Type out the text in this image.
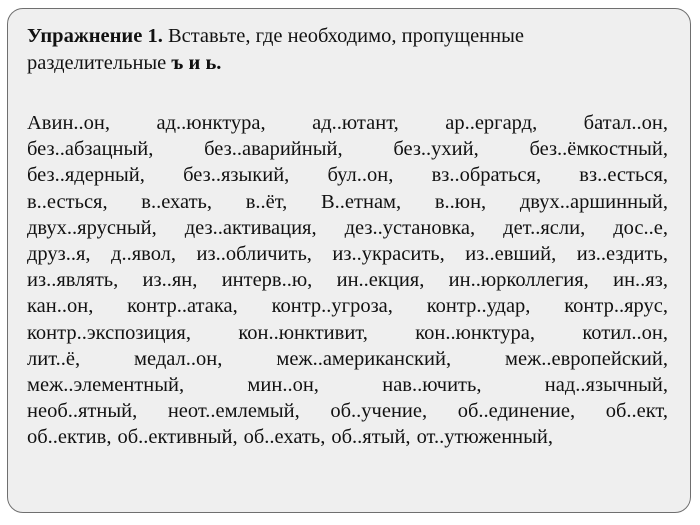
Упражнение 1. Вставьте, где необходимо, пропущенные
разделительные ъ и ь.
Авин..он, ад..юнктура, ад..ютант, ар..ергард, батал..он,
без..абзацный, без..аварийный, без..ухий, без..ёмкостный,
без..ядерный, без..языкий, бул..он, вз..обраться, вз..есться,
в..есться, в..ехать, в..ёт, В..етнам, в..юн, двух..аршинный,
двух..ярусный, дез..активация, дез..установка, дет..ясли, дос..е,
друз..я, д..явол, из..обличить, из..украсить, из..евший, из..ездить,
из..являть, из..ян, интерв..ю, ин..екция, ин..юрколлегия, ин..яз,
кан..он, контр..атака, контр..угроза, контр..удар, контр..ярус,
контр..экспозиция, кон..юнктивит, кон..юнктура, котил..он,
лит..ё,	медал..он,	меж..американский,	меж..европейский,
меж..элементный,	мин..он,	нав..ючить,	над..язычный,
необ..ятный, неот..емлемый, об..учение, об..единение, об..ект,
об..ектив, об..ективный, об..ехать, об..ятый, от..утюженный,
